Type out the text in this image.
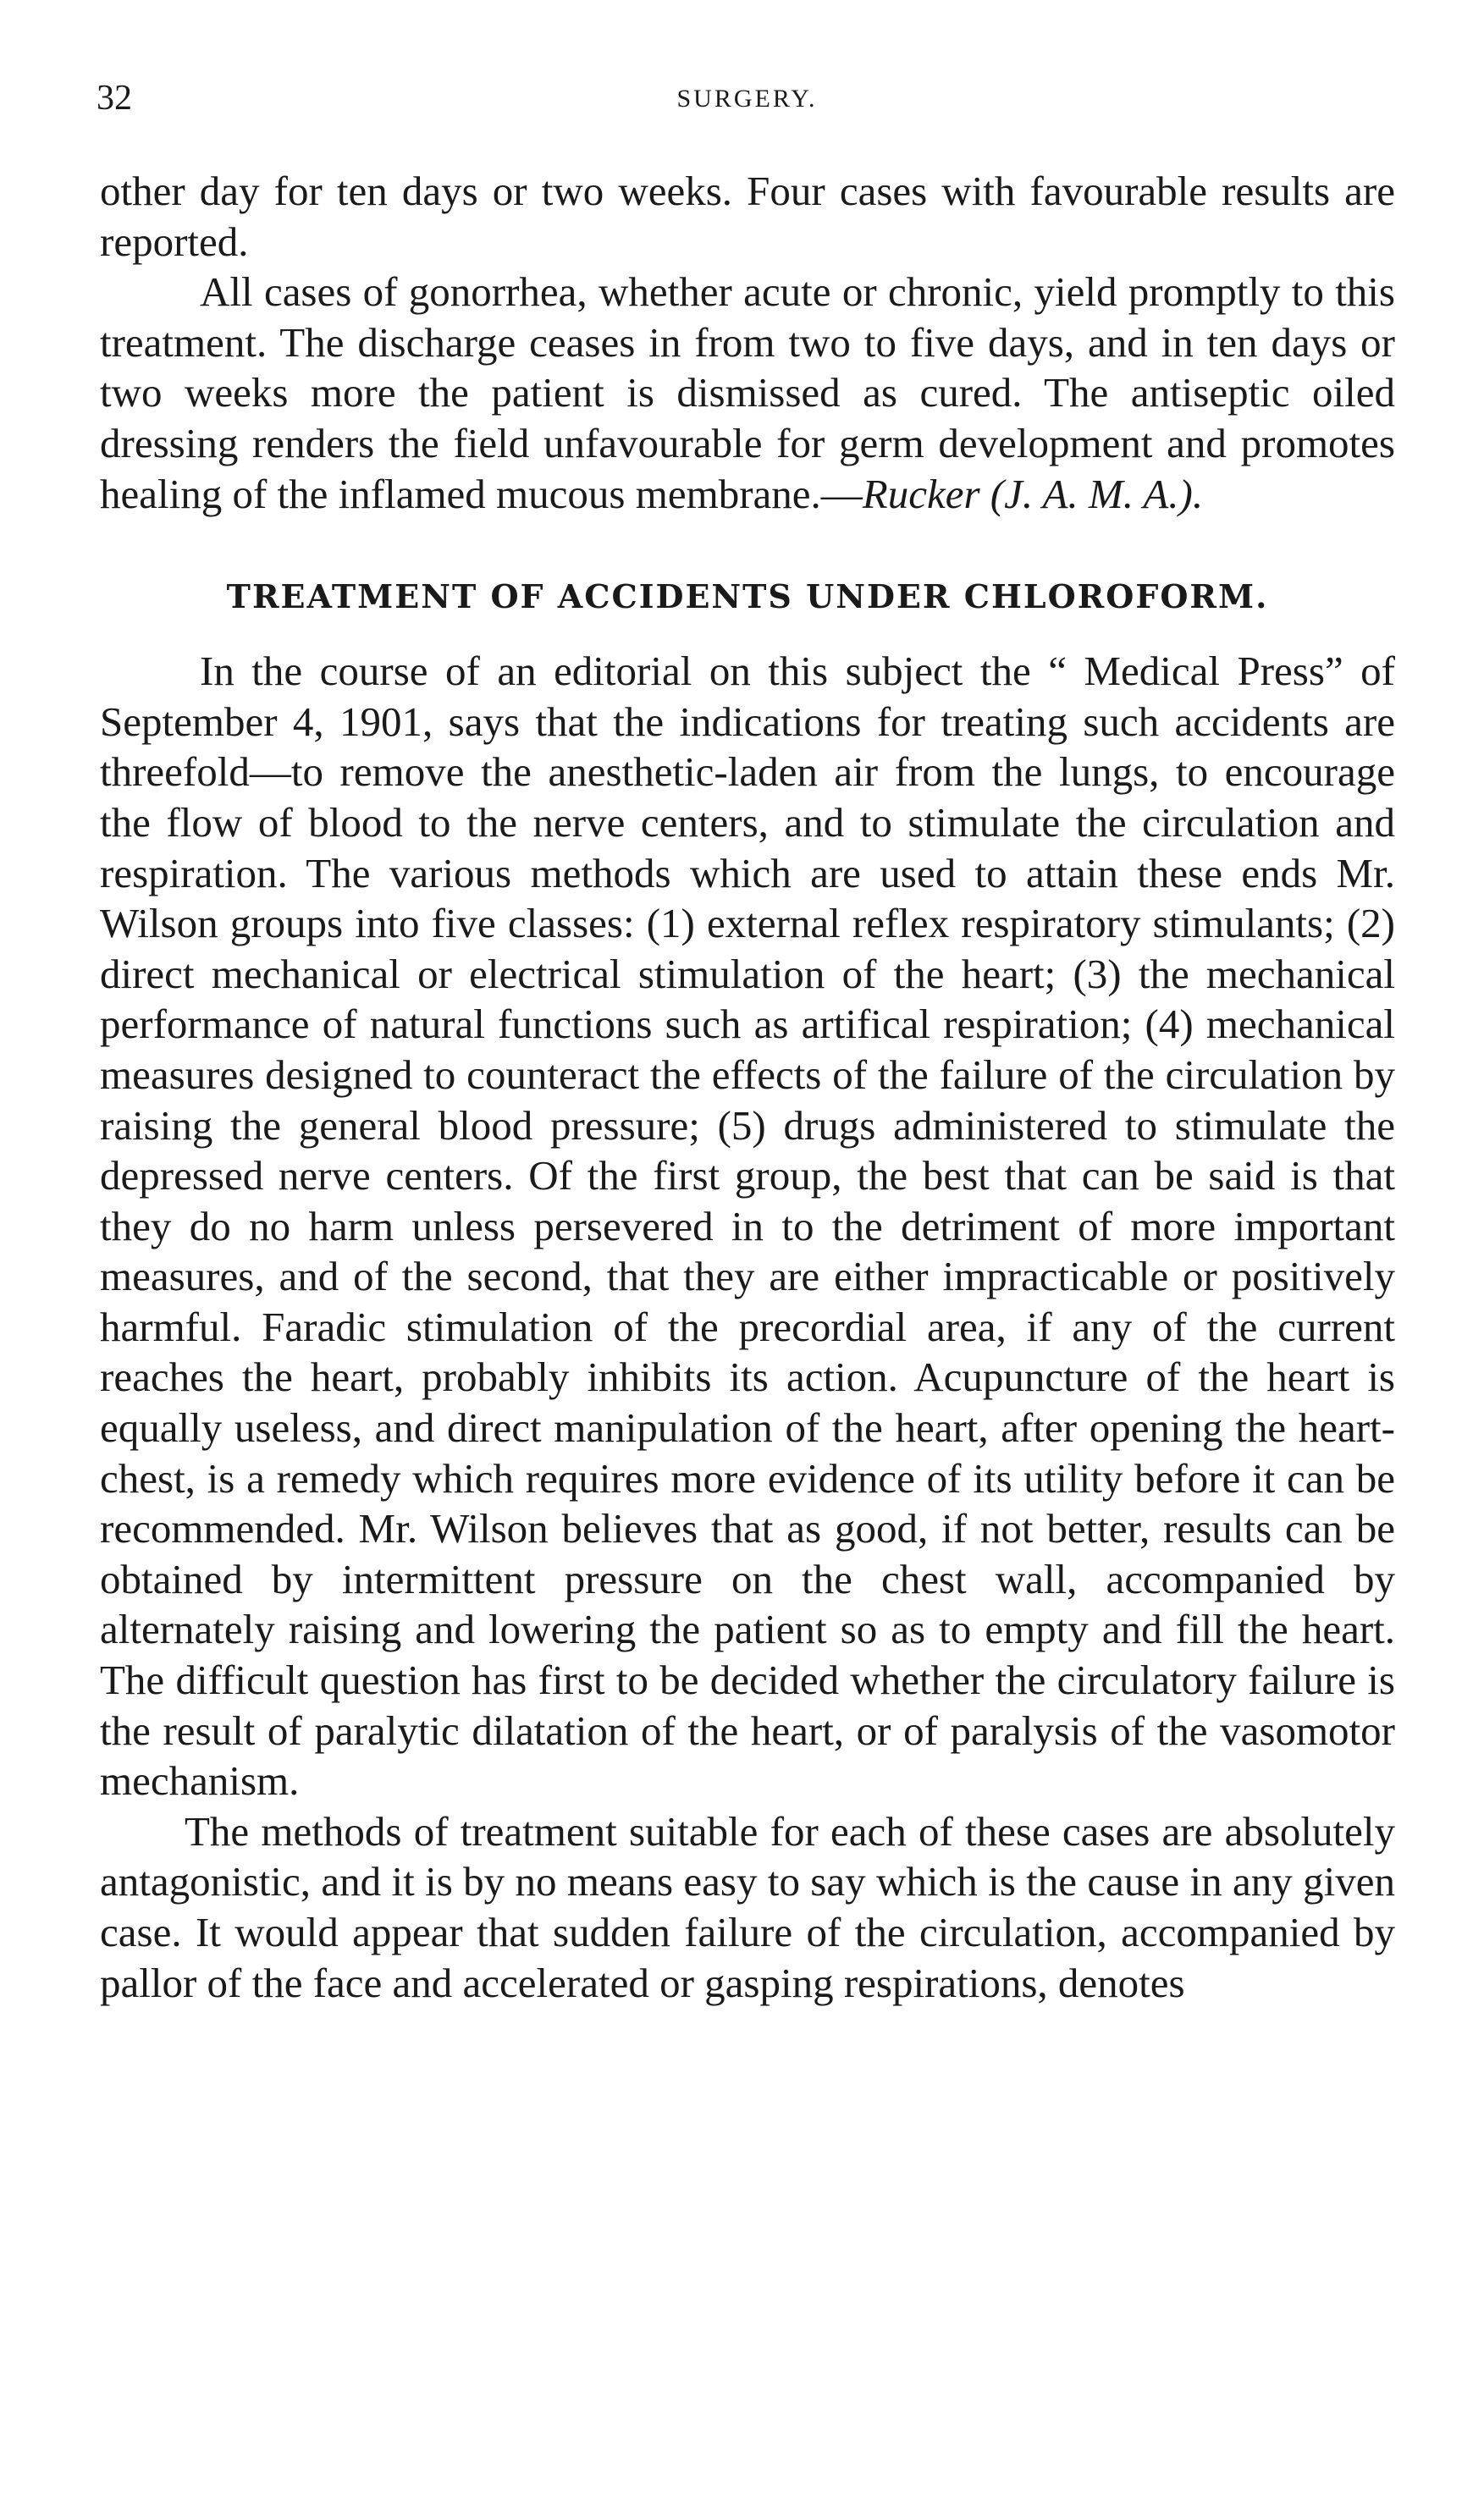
32	SURGERY.

other day for ten days or two weeks. Four cases with favourable results are reported.

All cases of gonorrhea, whether acute or chronic, yield promptly to this treatment. The discharge ceases in from two to five days, and in ten days or two weeks more the patient is dismissed as cured. The antiseptic oiled dressing renders the field unfavourable for germ development and promotes healing of the inflamed mucous membrane.—Rucker (J. A. M. A.).

TREATMENT OF ACCIDENTS UNDER CHLOROFORM.

In the course of an editorial on this subject the “ Medical Press” of September 4, 1901, says that the indications for treating such accidents are threefold—to remove the anesthetic-laden air from the lungs, to encourage the flow of blood to the nerve centers, and to stimulate the circulation and respiration. The various methods which are used to attain these ends Mr. Wilson groups into five classes: (1) external reflex respiratory stimulants; (2) direct mechanical or electrical stimulation of the heart; (3) the mechanical performance of natural functions such as artifical respiration; (4) mechanical measures designed to counteract the effects of the failure of the circulation by raising the general blood pressure; (5) drugs administered to stimulate the depressed nerve centers. Of the first group, the best that can be said is that they do no harm unless persevered in to the detriment of more important measures, and of the second, that they are either impracticable or positively harmful. Faradic stimulation of the precordial area, if any of the current reaches the heart, probably inhibits its action. Acupuncture of the heart is equally useless, and direct manipulation of the heart, after opening the heart-chest, is a remedy which requires more evidence of its utility before it can be recommended. Mr. Wilson believes that as good, if not better, results can be obtained by intermittent pressure on the chest wall, accompanied by alternately raising and lowering the patient so as to empty and fill the heart. The difficult question has first to be decided whether the circulatory failure is the result of paralytic dilatation of the heart, or of paralysis of the vasomotor mechanism.

The methods of treatment suitable for each of these cases are absolutely antagonistic, and it is by no means easy to say which is the cause in any given case. It would appear that sudden failure of the circulation, accompanied by pallor of the face and accelerated or gasping respirations, denotes
